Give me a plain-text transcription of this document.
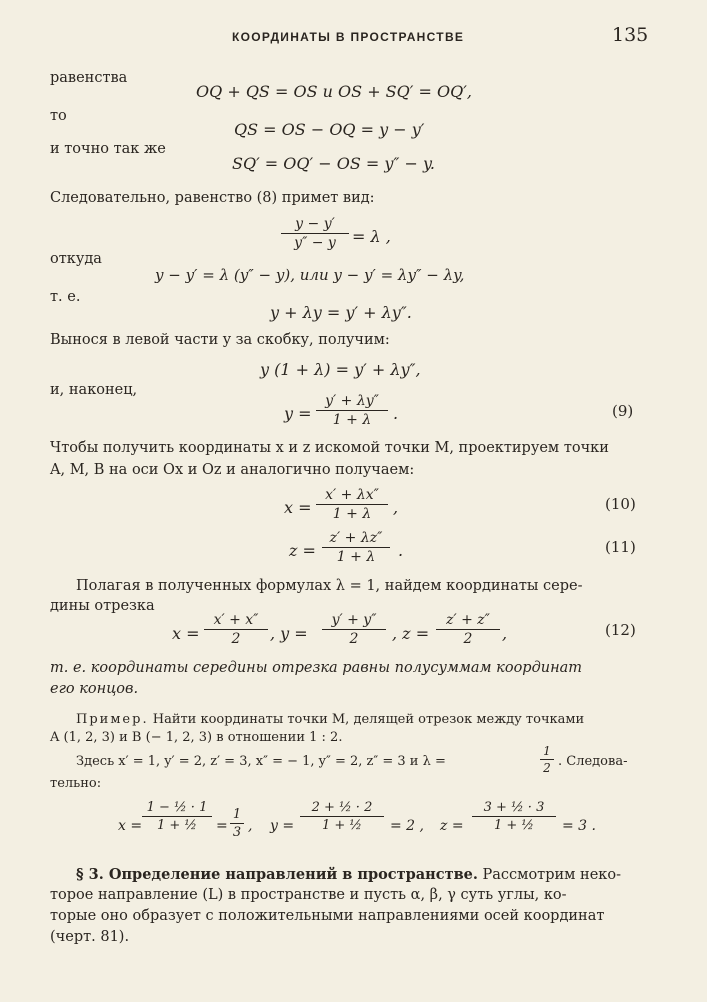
КООРДИНАТЫ В ПРОСТРАНСТВЕ	135
равенства
OQ + QS = OS и OS + SQ′ = OQ′,
то
QS = OS − OQ = y − y′
и точно так же
SQ′ = OQ′ − OS = y″ − y.
Следовательно, равенство (8) примет вид:
$\frac{y - y'}{y'' - y} = \lambda$ ,
откуда
y − y′ = λ (y″ − y), или y − y′ = λy″ − λy,
т. е.
y + λy = y′ + λy″.
Вынося в левой части y за скобку, получим:
y (1 + λ) = y′ + λy″,
и, наконец,
$y = \frac{y' + \lambda y''}{1 + \lambda}$ .	(9)
Чтобы получить координаты x и z искомой точки M, проектируем точки
A, M, B на оси Ox и Oz и аналогично получаем:
$x = \frac{x' + \lambda x''}{1 + \lambda}$ ,	(10)
$z = \frac{z' + \lambda z''}{1 + \lambda}$ .	(11)
Полагая в полученных формулах λ = 1, найдем координаты сере-
дины отрезка
$x = \frac{x' + x''}{2}$ , $y = \frac{y' + y''}{2}$ , $z = \frac{z' + z''}{2}$ ,	(12)
т. е. координаты середины отрезка равны полусуммам координат
его концов.
Пример. Найти координаты точки M, делящей отрезок между точками
A (1, 2, 3) и B (− 1, 2, 3) в отношении 1 : 2.
Здесь x′ = 1, y′ = 2, z′ = 3, x″ = − 1, y″ = 2, z″ = 3 и λ =	$\frac{1}{2}$ . Следова-
тельно:
$x = \frac{\text{1 − ½ · 1}}{\text{1 + ½}} = \frac{1}{3}$ , $y = \frac{\text{2 + ½ · 2}}{\text{1 + ½}} = 2$ , $z = \frac{\text{3 + ½ · 3}}{\text{1 + ½}} = 3$ .
§ 3. Определение направлений в пространстве. Рассмотрим неко-
торое направление (L) в пространстве и пусть α, β, γ суть углы, ко-
торые оно образует с положительными направлениями осей координат
(черт. 81).
